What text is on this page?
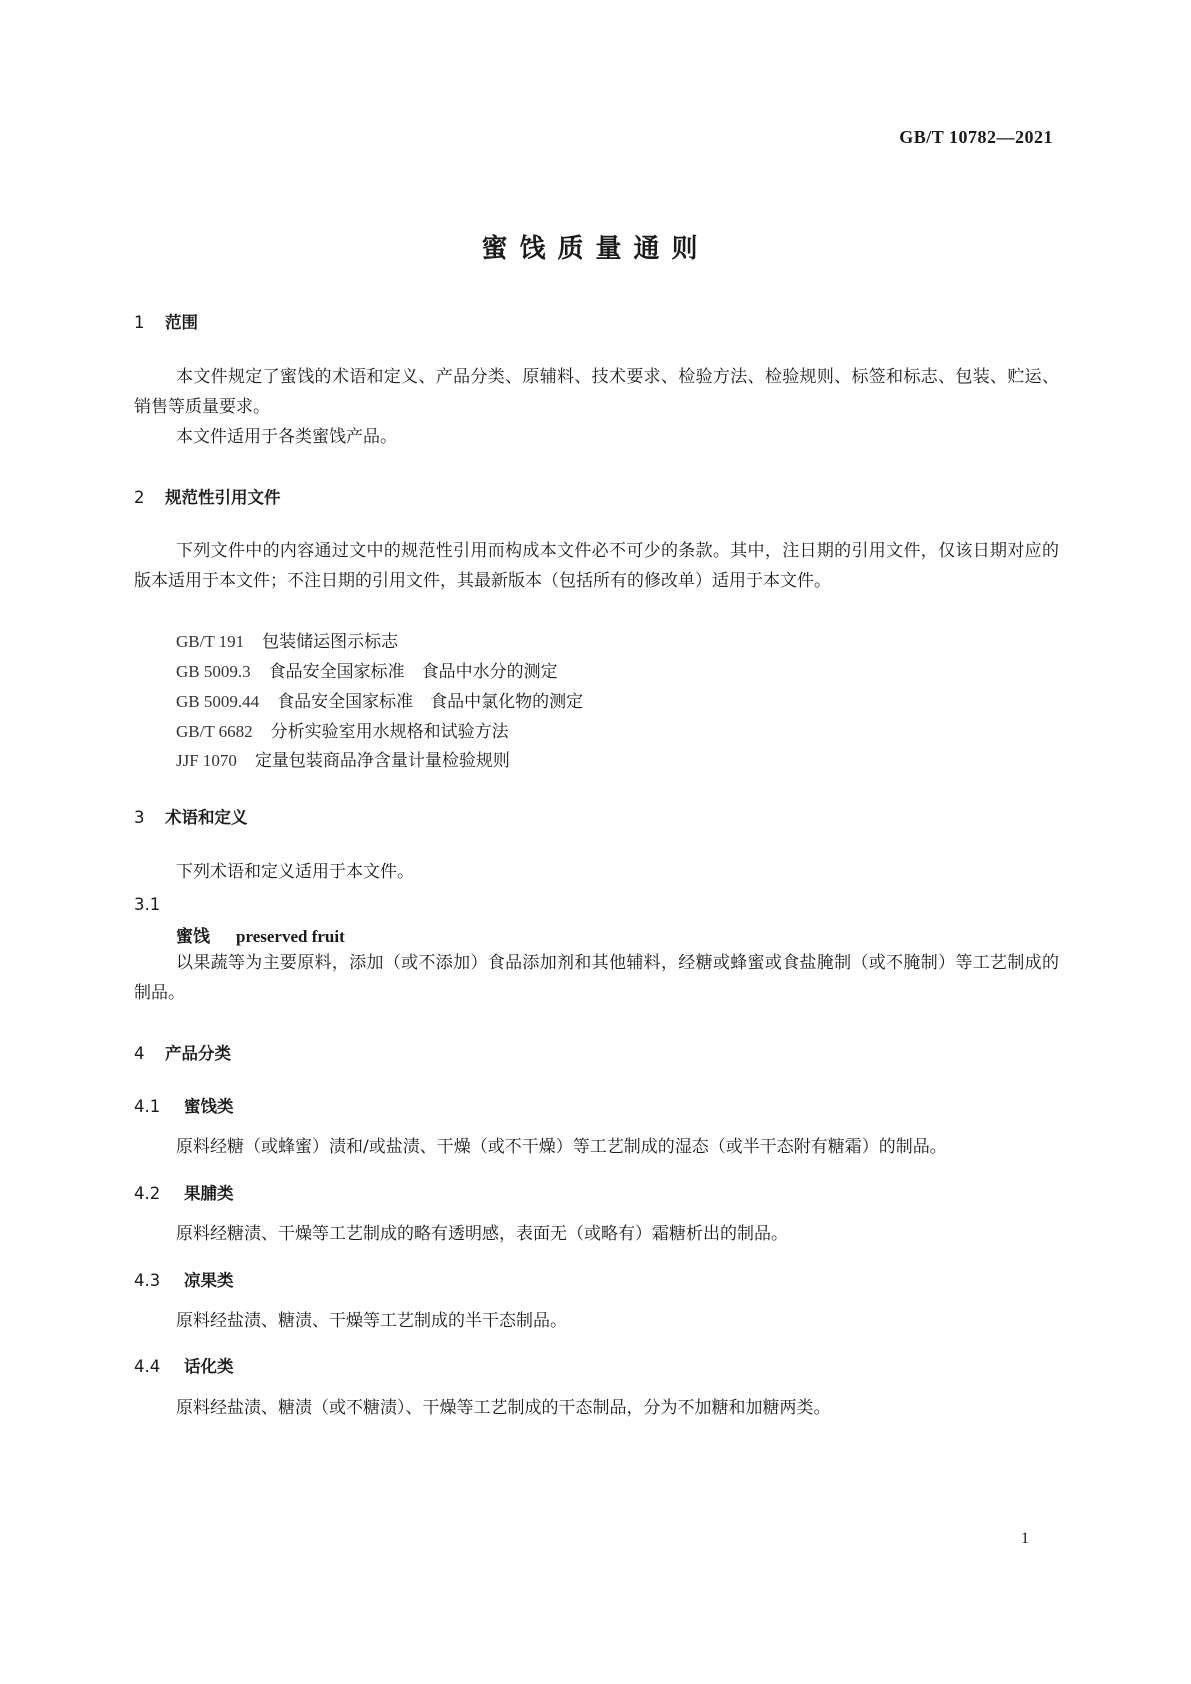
GB/T 10782—2021
蜜饯质量通则
1 范围
本文件规定了蜜饯的术语和定义、产品分类、原辅料、技术要求、检验方法、检验规则、标签和标志、包装、贮运、销售等质量要求。
本文件适用于各类蜜饯产品。
2 规范性引用文件
下列文件中的内容通过文中的规范性引用而构成本文件必不可少的条款。其中，注日期的引用文件，仅该日期对应的版本适用于本文件；不注日期的引用文件，其最新版本（包括所有的修改单）适用于本文件。
GB/T 191 包装储运图示标志
GB 5009.3 食品安全国家标准　食品中水分的测定
GB 5009.44 食品安全国家标准　食品中氯化物的测定
GB/T 6682 分析实验室用水规格和试验方法
JJF 1070 定量包装商品净含量计量检验规则
3 术语和定义
下列术语和定义适用于本文件。
3.1
蜜饯 preserved fruit
以果蔬等为主要原料，添加（或不添加）食品添加剂和其他辅料，经糖或蜂蜜或食盐腌制（或不腌制）等工艺制成的制品。
4 产品分类
4.1 蜜饯类
原料经糖（或蜂蜜）渍和/或盐渍、干燥（或不干燥）等工艺制成的湿态（或半干态附有糖霜）的制品。
4.2 果脯类
原料经糖渍、干燥等工艺制成的略有透明感，表面无（或略有）霜糖析出的制品。
4.3 凉果类
原料经盐渍、糖渍、干燥等工艺制成的半干态制品。
4.4 话化类
原料经盐渍、糖渍（或不糖渍）、干燥等工艺制成的干态制品，分为不加糖和加糖两类。
1
